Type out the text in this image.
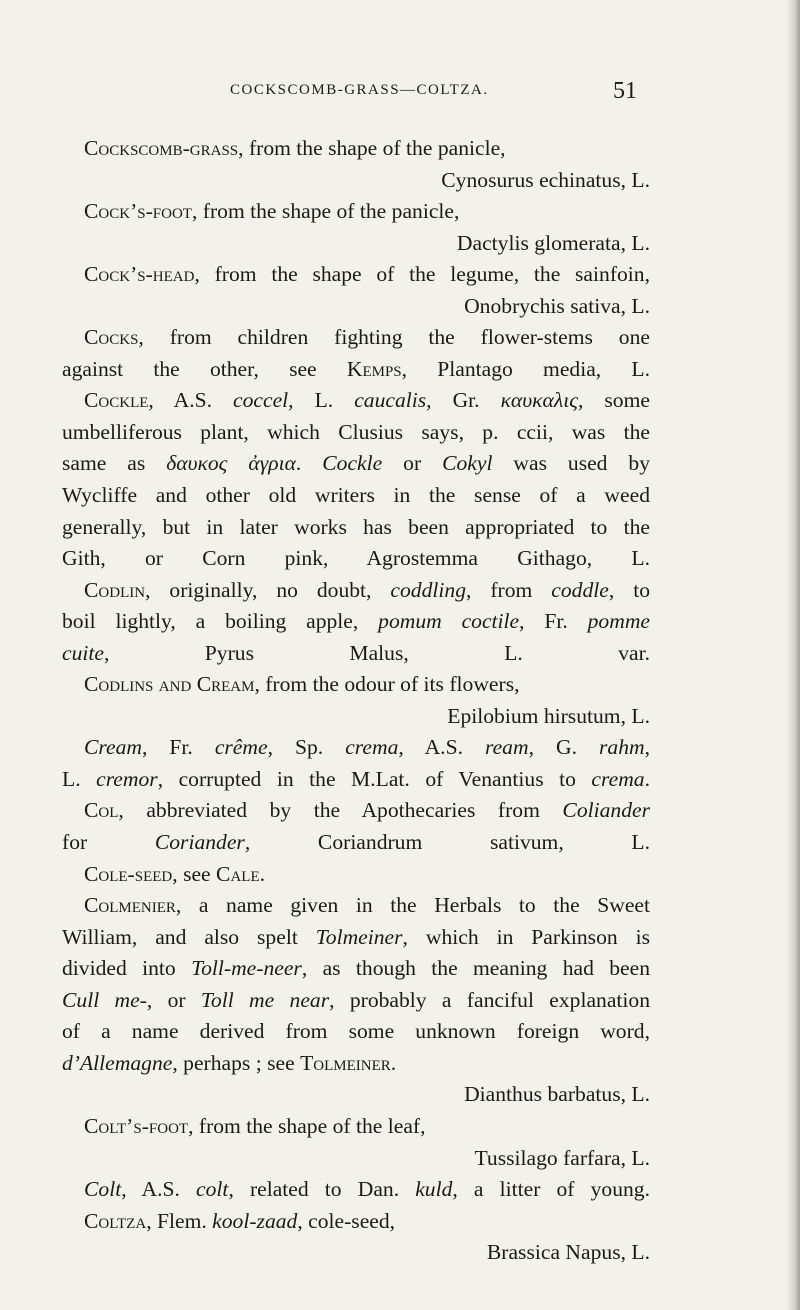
COCKSCOMB-GRASS—COLTZA.	51
Cockscomb-grass, from the shape of the panicle,
Cynosurus echinatus, L.
Cock’s-foot, from the shape of the panicle,
Dactylis glomerata, L.
Cock’s-head, from the shape of the legume, the sainfoin,
Onobrychis sativa, L.
Cocks, from children fighting the flower-stems one
against the other, see Kemps, Plantago media, L.
Cockle, A.S. coccel, L. caucalis, Gr. καυκαλις, some
umbelliferous plant, which Clusius says, p. ccii, was the
same as δαυκος ἀγρια. Cockle or Cokyl was used by
Wycliffe and other old writers in the sense of a weed
generally, but in later works has been appropriated to the
Gith, or Corn pink, Agrostemma Githago, L.
Codlin, originally, no doubt, coddling, from coddle, to
boil lightly, a boiling apple, pomum coctile, Fr. pomme
cuite, Pyrus Malus, L. var.
Codlins and Cream, from the odour of its flowers,
Epilobium hirsutum, L.
Cream, Fr. crême, Sp. crema, A.S. ream, G. rahm,
L. cremor, corrupted in the M.Lat. of Venantius to crema.
Col, abbreviated by the Apothecaries from Coliander
for Coriander, Coriandrum sativum, L.
Cole-seed, see Cale.
Colmenier, a name given in the Herbals to the Sweet
William, and also spelt Tolmeiner, which in Parkinson is
divided into Toll-me-neer, as though the meaning had been
Cull me-, or Toll me near, probably a fanciful explanation
of a name derived from some unknown foreign word,
d’Allemagne, perhaps ; see Tolmeiner.
Dianthus barbatus, L.
Colt’s-foot, from the shape of the leaf,
Tussilago farfara, L.
Colt, A.S. colt, related to Dan. kuld, a litter of young.
Coltza, Flem. kool-zaad, cole-seed,
Brassica Napus, L.
